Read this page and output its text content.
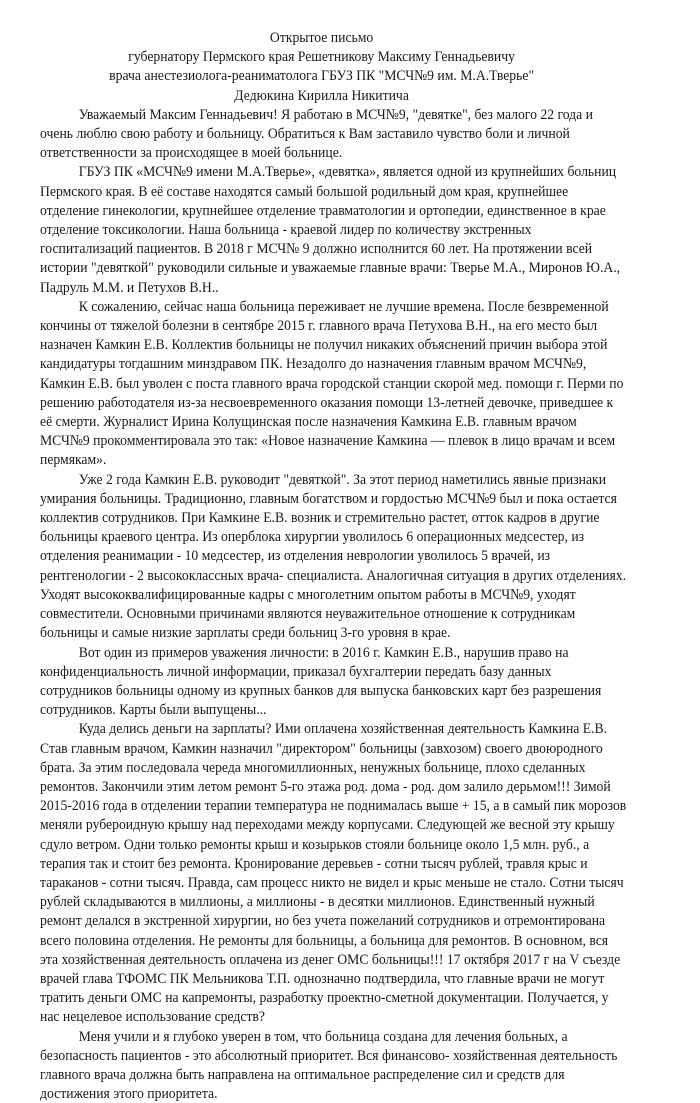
Открытое письмо
губернатору Пермского края Решетникову Максиму Геннадьевичу
врача анестезиолога-реаниматолога ГБУЗ ПК "МСЧ№9 им. М.А.Тверье"
Дедюкина Кирилла Никитича
Уважаемый Максим Геннадьевич! Я работаю в МСЧ№9, "девятке", без малого 22 года и
очень люблю свою работу и больницу. Обратиться к Вам заставило чувство боли и личной
ответственности за происходящее в моей больнице.
ГБУЗ ПК «МСЧ№9 имени М.А.Тверье», «девятка», является одной из крупнейших больниц
Пермского края. В её составе находятся самый большой родильный дом края, крупнейшее
отделение гинекологии, крупнейшее отделение травматологии и ортопедии, единственное в крае
отделение токсикологии. Наша больница - краевой лидер по количеству экстренных
госпитализаций пациентов. В 2018 г МСЧ№ 9 должно исполнится 60 лет. На протяжении всей
истории "девяткой" руководили сильные и уважаемые главные врачи: Тверье М.А., Миронов Ю.А.,
Падруль М.М. и Петухов В.Н..
К сожалению, сейчас наша больница переживает не лучшие времена. После безвременной
кончины от тяжелой болезни в сентябре 2015 г. главного врача Петухова В.Н., на его место был
назначен Камкин Е.В. Коллектив больницы не получил никаких объяснений причин выбора этой
кандидатуры тогдашним минздравом ПК. Незадолго до назначения главным врачом МСЧ№9,
Камкин Е.В. был уволен с поста главного врача городской станции скорой мед. помощи г. Перми по
решению работодателя из-за несвоевременного оказания помощи 13-летней девочке, приведшее к
её смерти. Журналист Ирина Колущинская после назначения Камкина Е.В. главным врачом
МСЧ№9 прокомментировала это так: «Новое назначение Камкина — плевок в лицо врачам и всем
пермякам».
Уже 2 года Камкин Е.В. руководит "девяткой". За этот период наметились явные признаки
умирания больницы. Традиционно, главным богатством и гордостью МСЧ№9 был и пока остается
коллектив сотрудников. При Камкине Е.В. возник и стремительно растет, отток кадров в другие
больницы краевого центра. Из оперблока хирургии уволилось 6 операционных медсестер, из
отделения реанимации - 10 медсестер, из отделения неврологии уволилось 5 врачей, из
рентгенологии - 2 высококлассных врача- специалиста. Аналогичная ситуация в других отделениях.
Уходят высококвалифицированные кадры с многолетним опытом работы в МСЧ№9, уходят
совместители. Основными причинами являются неуважительное отношение к сотрудникам
больницы и самые низкие зарплаты среди больниц 3-го уровня в крае.
Вот один из примеров уважения личности: в 2016 г. Камкин Е.В., нарушив право на
конфиденциальность личной информации, приказал бухгалтерии передать базу данных
сотрудников больницы одному из крупных банков для выпуска банковских карт без разрешения
сотрудников. Карты были выпущены...
Куда делись деньги на зарплаты? Ими оплачена хозяйственная деятельность Камкина Е.В.
Став главным врачом, Камкин назначил "директором" больницы (завхозом) своего двоюродного
брата. За этим последовала череда многомиллионных, ненужных больнице, плохо сделанных
ремонтов. Закончили этим летом ремонт 5-го этажа род. дома - род. дом залило дерьмом!!! Зимой
2015-2016 года в отделении терапии температура не поднималась выше + 15, а в самый пик морозов
меняли рубероидную крышу над переходами между корпусами. Следующей же весной эту крышу
сдуло ветром. Одни только ремонты крыш и козырьков стояли больнице около 1,5 млн. руб., а
терапия так и стоит без ремонта. Кронирование деревьев - сотни тысяч рублей, травля крыс и
тараканов - сотни тысяч. Правда, сам процесс никто не видел и крыс меньше не стало. Сотни тысяч
рублей складываются в миллионы, а миллионы - в десятки миллионов. Единственный нужный
ремонт делался в экстренной хирургии, но без учета пожеланий сотрудников и отремонтирована
всего половина отделения. Не ремонты для больницы, а больница для ремонтов. В основном, вся
эта хозяйственная деятельность оплачена из денег ОМС больницы!!! 17 октября 2017 г на V съезде
врачей глава ТФОМС ПК Мельникова Т.П. однозначно подтвердила, что главные врачи не могут
тратить деньги ОМС на капремонты, разработку проектно-сметной документации. Получается, у
нас нецелевое использование средств?
Меня учили и я глубоко уверен в том, что больница создана для лечения больных, а
безопасность пациентов - это абсолютный приоритет. Вся финансово- хозяйственная деятельность
главного врача должна быть направлена на оптимальное распределение сил и средств для
достижения этого приоритета.
